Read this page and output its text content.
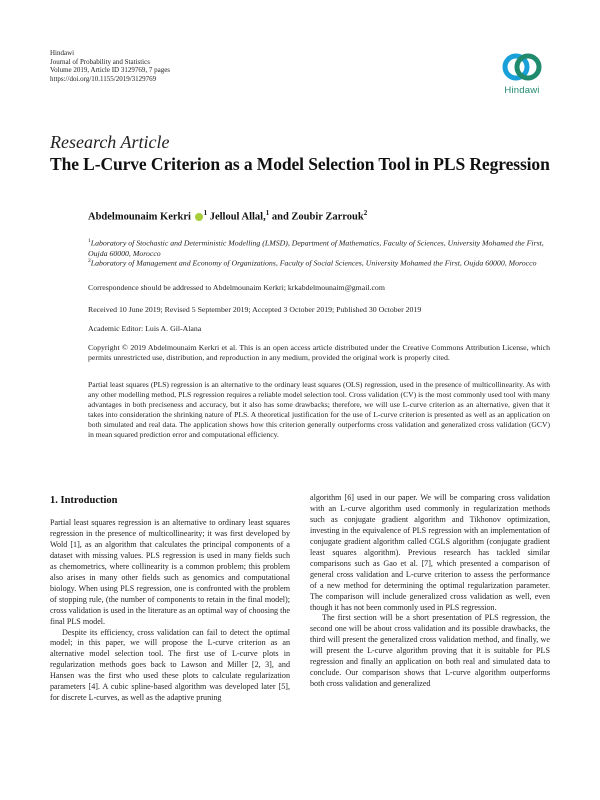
Hindawi
Journal of Probability and Statistics
Volume 2019, Article ID 3129769, 7 pages
https://doi.org/10.1155/2019/3129769
Hindawi
Research Article
The L-Curve Criterion as a Model Selection Tool in PLS Regression
Abdelmounaim Kerkri $^1$ Jelloul Allal,$^1$ and Zoubir Zarrouk$^2$
$^1$Laboratory of Stochastic and Deterministic Modelling (LMSD), Department of Mathematics, Faculty of Sciences, University Mohamed the First, Oujda 60000, Morocco
$^2$Laboratory of Management and Economy of Organizations, Faculty of Social Sciences, University Mohamed the First, Oujda 60000, Morocco
Correspondence should be addressed to Abdelmounaim Kerkri; krkabdelmounaim@gmail.com
Received 10 June 2019; Revised 5 September 2019; Accepted 3 October 2019; Published 30 October 2019
Academic Editor: Luis A. Gil-Alana
Copyright © 2019 Abdelmounaim Kerkri et al. This is an open access article distributed under the Creative Commons Attribution License, which permits unrestricted use, distribution, and reproduction in any medium, provided the original work is properly cited.
Partial least squares (PLS) regression is an alternative to the ordinary least squares (OLS) regression, used in the presence of multicollinearity. As with any other modelling method, PLS regression requires a reliable model selection tool. Cross validation (CV) is the most commonly used tool with many advantages in both preciseness and accuracy, but it also has some drawbacks; therefore, we will use L-curve criterion as an alternative, given that it takes into consideration the shrinking nature of PLS. A theoretical justification for the use of L-curve criterion is presented as well as an application on both simulated and real data. The application shows how this criterion generally outperforms cross validation and generalized cross validation (GCV) in mean squared prediction error and computational efficiency.
1. Introduction

Partial least squares regression is an alternative to ordinary least squares regression in the presence of multicollinearity; it was first developed by Wold [1], as an algorithm that calculates the principal components of a dataset with missing values. PLS regression is used in many fields such as chemometrics, where collinearity is a common problem; this problem also arises in many other fields such as genomics and computational biology. When using PLS regression, one is confronted with the problem of stopping rule, (the number of components to retain in the final model); cross validation is used in the literature as an optimal way of choosing the final PLS model.

Despite its efficiency, cross validation can fail to detect the optimal model; in this paper, we will propose the L-curve criterion as an alternative model selection tool. The first use of L-curve plots in regularization methods goes back to Lawson and Miller [2, 3], and Hansen was the first who used these plots to calculate regularization parameters [4]. A cubic spline-based algorithm was developed later [5], for discrete L-curves, as well as the adaptive pruning

algorithm [6] used in our paper. We will be comparing cross validation with an L-curve algorithm used commonly in regularization methods such as conjugate gradient algorithm and Tikhonov optimization, investing in the equivalence of PLS regression with an implementation of conjugate gradient algorithm called CGLS algorithm (conjugate gradient least squares algorithm). Previous research has tackled similar comparisons such as Gao et al. [7], which presented a comparison of general cross validation and L-curve criterion to assess the performance of a new method for determining the optimal regularization parameter. The comparison will include generalized cross validation as well, even though it has not been commonly used in PLS regression.

The first section will be a short presentation of PLS regression, the second one will be about cross validation and its possible drawbacks, the third will present the generalized cross validation method, and finally, we will present the L-curve algorithm proving that it is suitable for PLS regression and finally an application on both real and simulated data to conclude. Our comparison shows that L-curve algorithm outperforms both cross validation and generalized
